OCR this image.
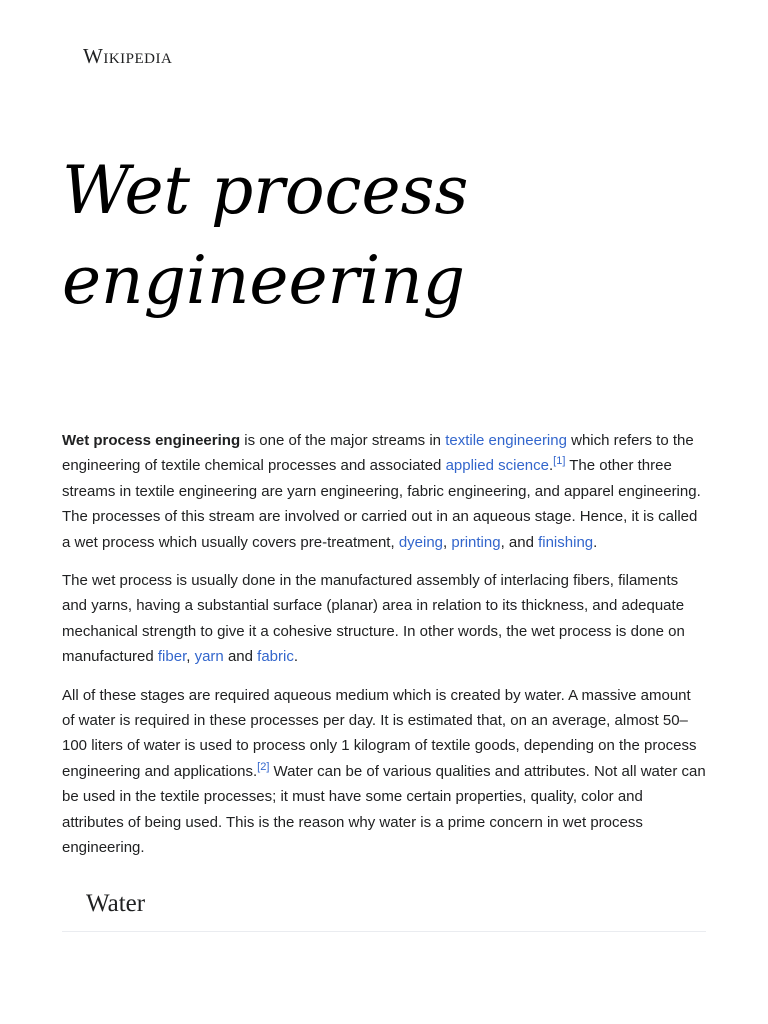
Wikipedia
Wet process engineering

Wet process engineering is one of the major streams in textile engineering which refers to the engineering of textile chemical processes and associated applied science.[1] The other three streams in textile engineering are yarn engineering, fabric engineering, and apparel engineering. The processes of this stream are involved or carried out in an aqueous stage. Hence, it is called a wet process which usually covers pre-treatment, dyeing, printing, and finishing.

The wet process is usually done in the manufactured assembly of interlacing fibers, filaments and yarns, having a substantial surface (planar) area in relation to its thickness, and adequate mechanical strength to give it a cohesive structure. In other words, the wet process is done on manufactured fiber, yarn and fabric.

All of these stages are required aqueous medium which is created by water. A massive amount of water is required in these processes per day. It is estimated that, on an average, almost 50–100 liters of water is used to process only 1 kilogram of textile goods, depending on the process engineering and applications.[2] Water can be of various qualities and attributes. Not all water can be used in the textile processes; it must have some certain properties, quality, color and attributes of being used. This is the reason why water is a prime concern in wet process engineering.

Water
